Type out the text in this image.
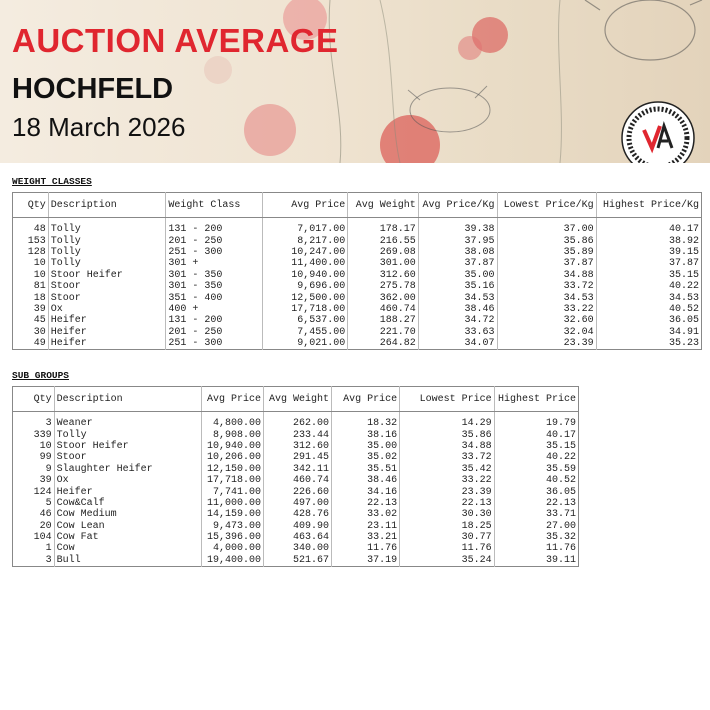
AUCTION AVERAGE
HOCHFELD
18 March 2026
WEIGHT CLASSES
Qty	Description	Weight Class	Avg Price	Avg Weight	Avg Price/Kg	Lowest Price/Kg	Highest Price/Kg
48	Tolly	131 - 200	7,017.00	178.17	39.38	37.00	40.17
153	Tolly	201 - 250	8,217.00	216.55	37.95	35.86	38.92
128	Tolly	251 - 300	10,247.00	269.08	38.08	35.89	39.15
10	Tolly	301 +	11,400.00	301.00	37.87	37.87	37.87
10	Stoor Heifer	301 - 350	10,940.00	312.60	35.00	34.88	35.15
81	Stoor	301 - 350	9,696.00	275.78	35.16	33.72	40.22
18	Stoor	351 - 400	12,500.00	362.00	34.53	34.53	34.53
39	Ox	400 +	17,718.00	460.74	38.46	33.22	40.52
45	Heifer	131 - 200	6,537.00	188.27	34.72	32.60	36.05
30	Heifer	201 - 250	7,455.00	221.70	33.63	32.04	34.91
49	Heifer	251 - 300	9,021.00	264.82	34.07	23.39	35.23
SUB GROUPS
Qty	Description	Avg Price	Avg Weight	Avg Price	Lowest Price	Highest Price
3	Weaner	4,800.00	262.00	18.32	14.29	19.79
339	Tolly	8,908.00	233.44	38.16	35.86	40.17
10	Stoor Heifer	10,940.00	312.60	35.00	34.88	35.15
99	Stoor	10,206.00	291.45	35.02	33.72	40.22
9	Slaughter Heifer	12,150.00	342.11	35.51	35.42	35.59
39	Ox	17,718.00	460.74	38.46	33.22	40.52
124	Heifer	7,741.00	226.60	34.16	23.39	36.05
5	Cow&Calf	11,000.00	497.00	22.13	22.13	22.13
46	Cow Medium	14,159.00	428.76	33.02	30.30	33.71
20	Cow Lean	9,473.00	409.90	23.11	18.25	27.00
104	Cow Fat	15,396.00	463.64	33.21	30.77	35.32
1	Cow	4,000.00	340.00	11.76	11.76	11.76
3	Bull	19,400.00	521.67	37.19	35.24	39.11
